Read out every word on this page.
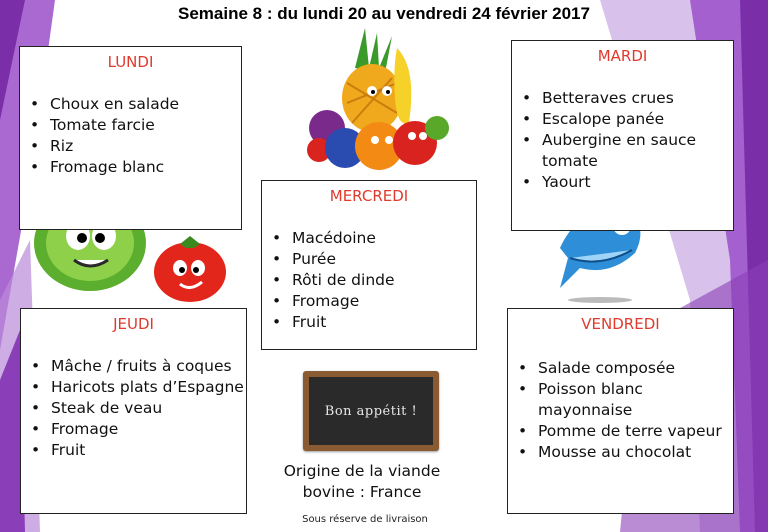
Semaine 8 : du lundi 20 au vendredi 24 février 2017
LUNDI
• Choux en salade
• Tomate farcie
• Riz
• Fromage blanc
MARDI
• Betteraves crues
• Escalope panée
• Aubergine en sauce tomate
• Yaourt
MERCREDI
• Macédoine
• Purée
• Rôti de dinde
• Fromage
• Fruit
JEUDI
• Mâche / fruits à coques
• Haricots plats d’Espagne
• Steak de veau
• Fromage
• Fruit
VENDREDI
• Salade composée
• Poisson blanc mayonnaise
• Pomme de terre vapeur
• Mousse au chocolat
Bon appétit !
Origine de la viande bovine : France
Sous réserve de livraison
